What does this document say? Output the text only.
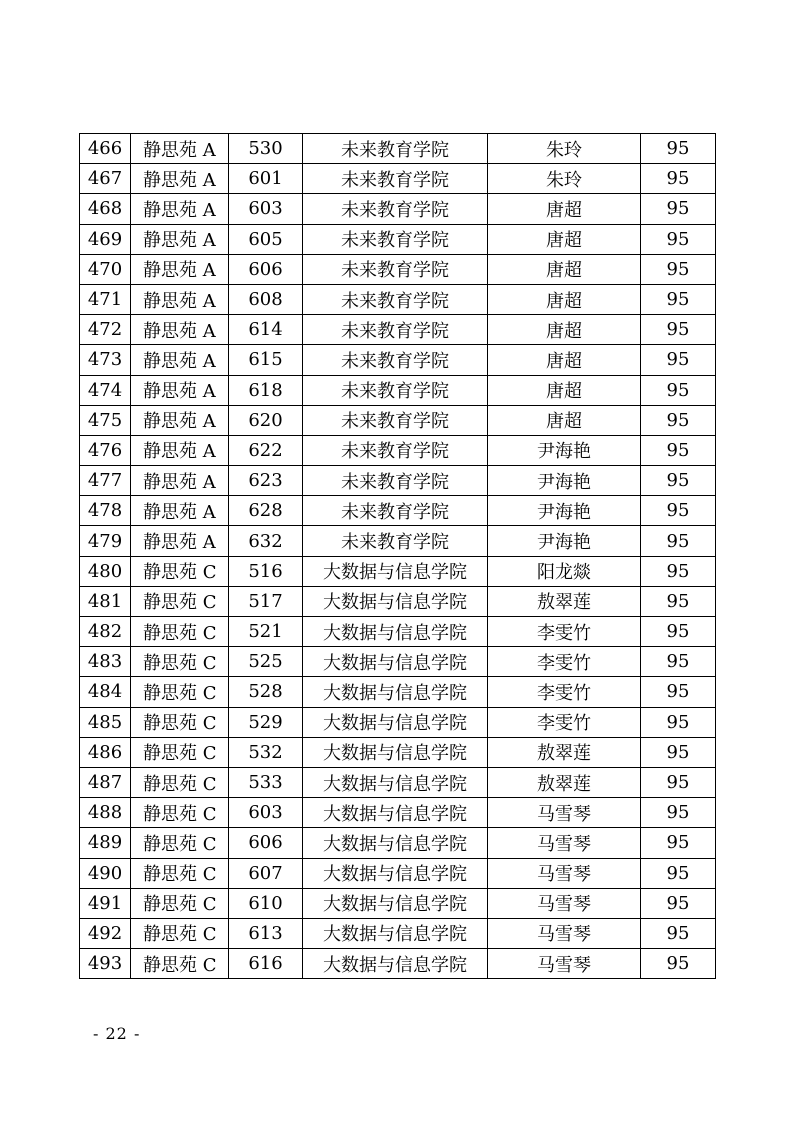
466	静思苑 A	530	未来教育学院	朱玲	95
467	静思苑 A	601	未来教育学院	朱玲	95
468	静思苑 A	603	未来教育学院	唐超	95
469	静思苑 A	605	未来教育学院	唐超	95
470	静思苑 A	606	未来教育学院	唐超	95
471	静思苑 A	608	未来教育学院	唐超	95
472	静思苑 A	614	未来教育学院	唐超	95
473	静思苑 A	615	未来教育学院	唐超	95
474	静思苑 A	618	未来教育学院	唐超	95
475	静思苑 A	620	未来教育学院	唐超	95
476	静思苑 A	622	未来教育学院	尹海艳	95
477	静思苑 A	623	未来教育学院	尹海艳	95
478	静思苑 A	628	未来教育学院	尹海艳	95
479	静思苑 A	632	未来教育学院	尹海艳	95
480	静思苑 C	516	大数据与信息学院	阳龙燚	95
481	静思苑 C	517	大数据与信息学院	敖翠莲	95
482	静思苑 C	521	大数据与信息学院	李雯竹	95
483	静思苑 C	525	大数据与信息学院	李雯竹	95
484	静思苑 C	528	大数据与信息学院	李雯竹	95
485	静思苑 C	529	大数据与信息学院	李雯竹	95
486	静思苑 C	532	大数据与信息学院	敖翠莲	95
487	静思苑 C	533	大数据与信息学院	敖翠莲	95
488	静思苑 C	603	大数据与信息学院	马雪琴	95
489	静思苑 C	606	大数据与信息学院	马雪琴	95
490	静思苑 C	607	大数据与信息学院	马雪琴	95
491	静思苑 C	610	大数据与信息学院	马雪琴	95
492	静思苑 C	613	大数据与信息学院	马雪琴	95
493	静思苑 C	616	大数据与信息学院	马雪琴	95
- 22 -
